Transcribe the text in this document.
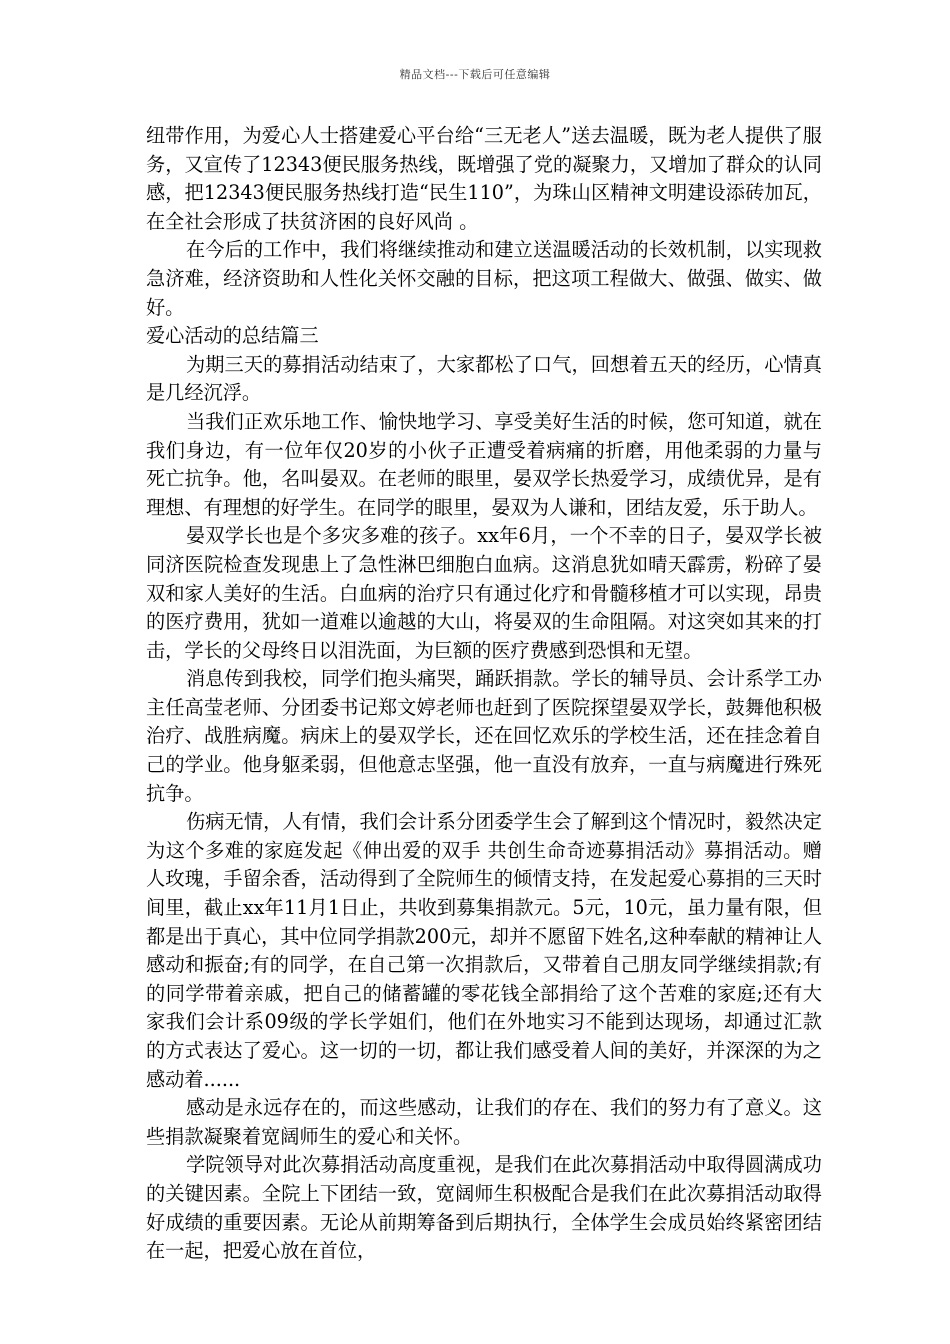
精品文档---下载后可任意编辑

纽带作用，为爱心人士搭建爱心平台给“三无老人”送去温暖，既为老人提供了服务，又宣传了12343便民服务热线，既增强了党的凝聚力，又增加了群众的认同感，把12343便民服务热线打造“民生110”，为珠山区精神文明建设添砖加瓦，在全社会形成了扶贫济困的良好风尚 。

在今后的工作中，我们将继续推动和建立送温暖活动的长效机制，以实现救急济难，经济资助和人性化关怀交融的目标，把这项工程做大、做强、做实、做好。

爱心活动的总结篇三

为期三天的募捐活动结束了，大家都松了口气，回想着五天的经历，心情真是几经沉浮。

当我们正欢乐地工作、愉快地学习、享受美好生活的时候，您可知道，就在我们身边，有一位年仅20岁的小伙子正遭受着病痛的折磨，用他柔弱的力量与死亡抗争。他，名叫晏双。在老师的眼里，晏双学长热爱学习，成绩优异，是有理想、有理想的好学生。在同学的眼里，晏双为人谦和，团结友爱，乐于助人。

晏双学长也是个多灾多难的孩子。xx年6月，一个不幸的日子，晏双学长被同济医院检查发现患上了急性淋巴细胞白血病。这消息犹如晴天霹雳，粉碎了晏双和家人美好的生活。白血病的治疗只有通过化疗和骨髓移植才可以实现，昂贵的医疗费用，犹如一道难以逾越的大山，将晏双的生命阻隔。对这突如其来的打击，学长的父母终日以泪洗面，为巨额的医疗费感到恐惧和无望。

消息传到我校，同学们抱头痛哭，踊跃捐款。学长的辅导员、会计系学工办主任高莹老师、分团委书记郑文婷老师也赶到了医院探望晏双学长，鼓舞他积极治疗、战胜病魔。病床上的晏双学长，还在回忆欢乐的学校生活，还在挂念着自己的学业。他身躯柔弱，但他意志坚强，他一直没有放弃，一直与病魔进行殊死抗争。

伤病无情，人有情，我们会计系分团委学生会了解到这个情况时，毅然决定为这个多难的家庭发起《伸出爱的双手 共创生命奇迹募捐活动》募捐活动。赠人玫瑰，手留余香，活动得到了全院师生的倾情支持，在发起爱心募捐的三天时间里，截止xx年11月1日止，共收到募集捐款元。5元，10元，虽力量有限，但都是出于真心，其中位同学捐款200元，却并不愿留下姓名,这种奉献的精神让人感动和振奋;有的同学，在自己第一次捐款后，又带着自己朋友同学继续捐款;有的同学带着亲戚，把自己的储蓄罐的零花钱全部捐给了这个苦难的家庭;还有大家我们会计系09级的学长学姐们，他们在外地实习不能到达现场，却通过汇款的方式表达了爱心。这一切的一切，都让我们感受着人间的美好，并深深的为之感动着......

感动是永远存在的，而这些感动，让我们的存在、我们的努力有了意义。这些捐款凝聚着宽阔师生的爱心和关怀。

学院领导对此次募捐活动高度重视，是我们在此次募捐活动中取得圆满成功的关键因素。全院上下团结一致，宽阔师生积极配合是我们在此次募捐活动取得好成绩的重要因素。无论从前期筹备到后期执行，全体学生会成员始终紧密团结在一起，把爱心放在首位，
